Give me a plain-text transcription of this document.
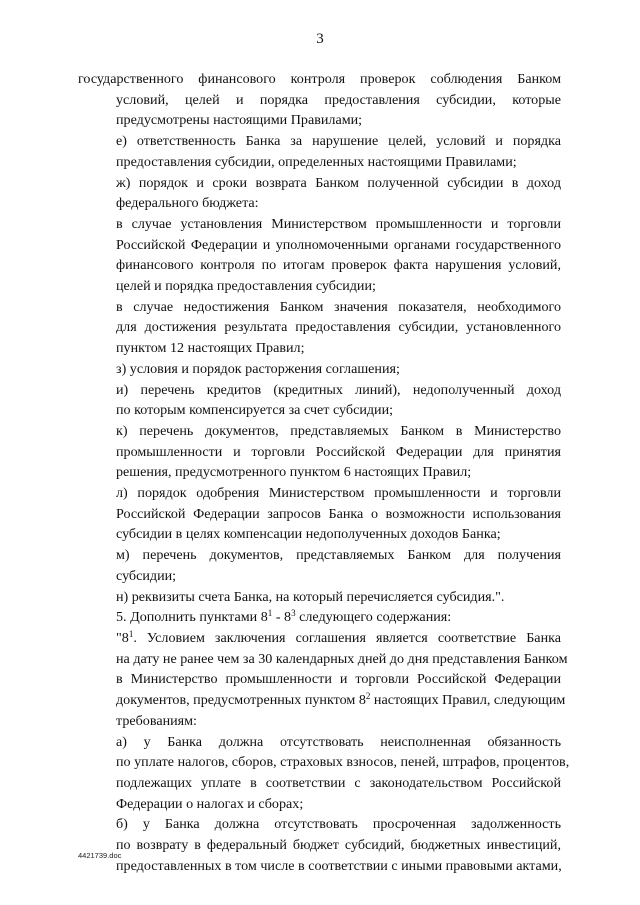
3

государственного финансового контроля проверок соблюдения Банком
условий, целей и порядка предоставления субсидии, которые
предусмотрены настоящими Правилами;

е) ответственность Банка за нарушение целей, условий и порядка
предоставления субсидии, определенных настоящими Правилами;

ж) порядок и сроки возврата Банком полученной субсидии в доход
федерального бюджета:

в случае установления Министерством промышленности и торговли
Российской Федерации и уполномоченными органами государственного
финансового контроля по итогам проверок факта нарушения условий,
целей и порядка предоставления субсидии;

в случае недостижения Банком значения показателя, необходимого
для достижения результата предоставления субсидии, установленного
пунктом 12 настоящих Правил;

з) условия и порядок расторжения соглашения;

и) перечень кредитов (кредитных линий), недополученный доход
по которым компенсируется за счет субсидии;

к) перечень документов, представляемых Банком в Министерство
промышленности и торговли Российской Федерации для принятия
решения, предусмотренного пунктом 6 настоящих Правил;

л) порядок одобрения Министерством промышленности и торговли
Российской Федерации запросов Банка о возможности использования
субсидии в целях компенсации недополученных доходов Банка;

м) перечень документов, представляемых Банком для получения
субсидии;

н) реквизиты счета Банка, на который перечисляется субсидия.".

5. Дополнить пунктами $8^1 - 8^3$ следующего содержания:

"$8^1$. Условием заключения соглашения является соответствие Банка
на дату не ранее чем за 30 календарных дней до дня представления Банком
в Министерство промышленности и торговли Российской Федерации
документов, предусмотренных пунктом $8^2$ настоящих Правил, следующим
требованиям:

а) у Банка должна отсутствовать неисполненная обязанность
по уплате налогов, сборов, страховых взносов, пеней, штрафов, процентов,
подлежащих уплате в соответствии с законодательством Российской
Федерации о налогах и сборах;

б) у Банка должна отсутствовать просроченная задолженность
по возврату в федеральный бюджет субсидий, бюджетных инвестиций,
предоставленных в том числе в соответствии с иными правовыми актами,

4421739.doc
